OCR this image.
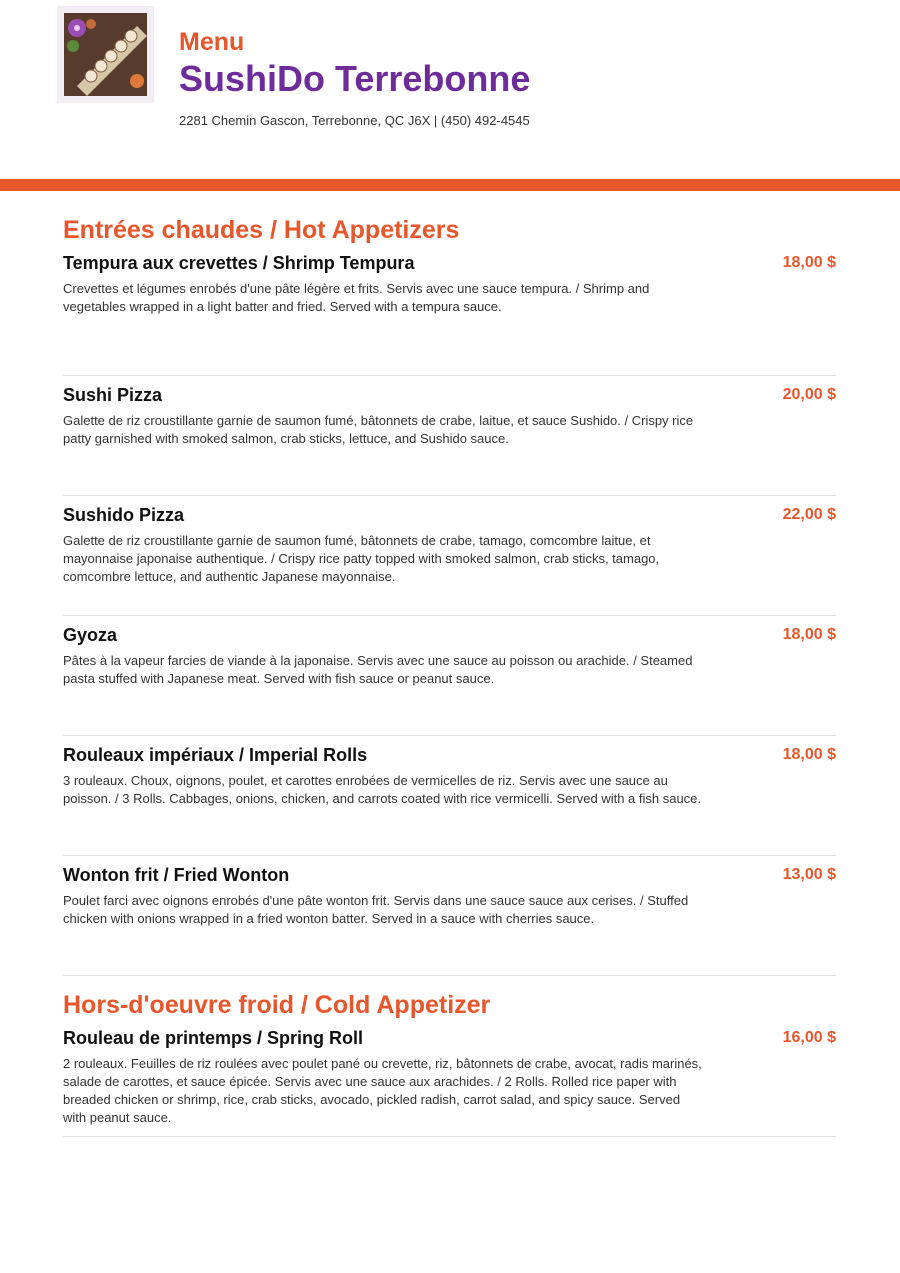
Menu
SushiDo Terrebonne
2281 Chemin Gascon, Terrebonne, QC J6X | (450) 492-4545
Entrées chaudes / Hot Appetizers
Tempura aux crevettes / Shrimp Tempura	18,00 $
Crevettes et légumes enrobés d'une pâte légère et frits. Servis avec une sauce tempura. / Shrimp and vegetables wrapped in a light batter and fried. Served with a tempura sauce.
Sushi Pizza	20,00 $
Galette de riz croustillante garnie de saumon fumé, bâtonnets de crabe, laitue, et sauce Sushido. / Crispy rice patty garnished with smoked salmon, crab sticks, lettuce, and Sushido sauce.
Sushido Pizza	22,00 $
Galette de riz croustillante garnie de saumon fumé, bâtonnets de crabe, tamago, comcombre laitue, et mayonnaise japonaise authentique. / Crispy rice patty topped with smoked salmon, crab sticks, tamago, comcombre lettuce, and authentic Japanese mayonnaise.
Gyoza	18,00 $
Pâtes à la vapeur farcies de viande à la japonaise. Servis avec une sauce au poisson ou arachide. / Steamed pasta stuffed with Japanese meat. Served with fish sauce or peanut sauce.
Rouleaux impériaux / Imperial Rolls	18,00 $
3 rouleaux. Choux, oignons, poulet, et carottes enrobées de vermicelles de riz. Servis avec une sauce au poisson. / 3 Rolls. Cabbages, onions, chicken, and carrots coated with rice vermicelli. Served with a fish sauce.
Wonton frit / Fried Wonton	13,00 $
Poulet farci avec oignons enrobés d'une pâte wonton frit. Servis dans une sauce sauce aux cerises. / Stuffed chicken with onions wrapped in a fried wonton batter. Served in a sauce with cherries sauce.
Hors-d'oeuvre froid / Cold Appetizer
Rouleau de printemps / Spring Roll	16,00 $
2 rouleaux. Feuilles de riz roulées avec poulet pané ou crevette, riz, bâtonnets de crabe, avocat, radis marinés, salade de carottes, et sauce épicée. Servis avec une sauce aux arachides. / 2 Rolls. Rolled rice paper with breaded chicken or shrimp, rice, crab sticks, avocado, pickled radish, carrot salad, and spicy sauce. Served with peanut sauce.
